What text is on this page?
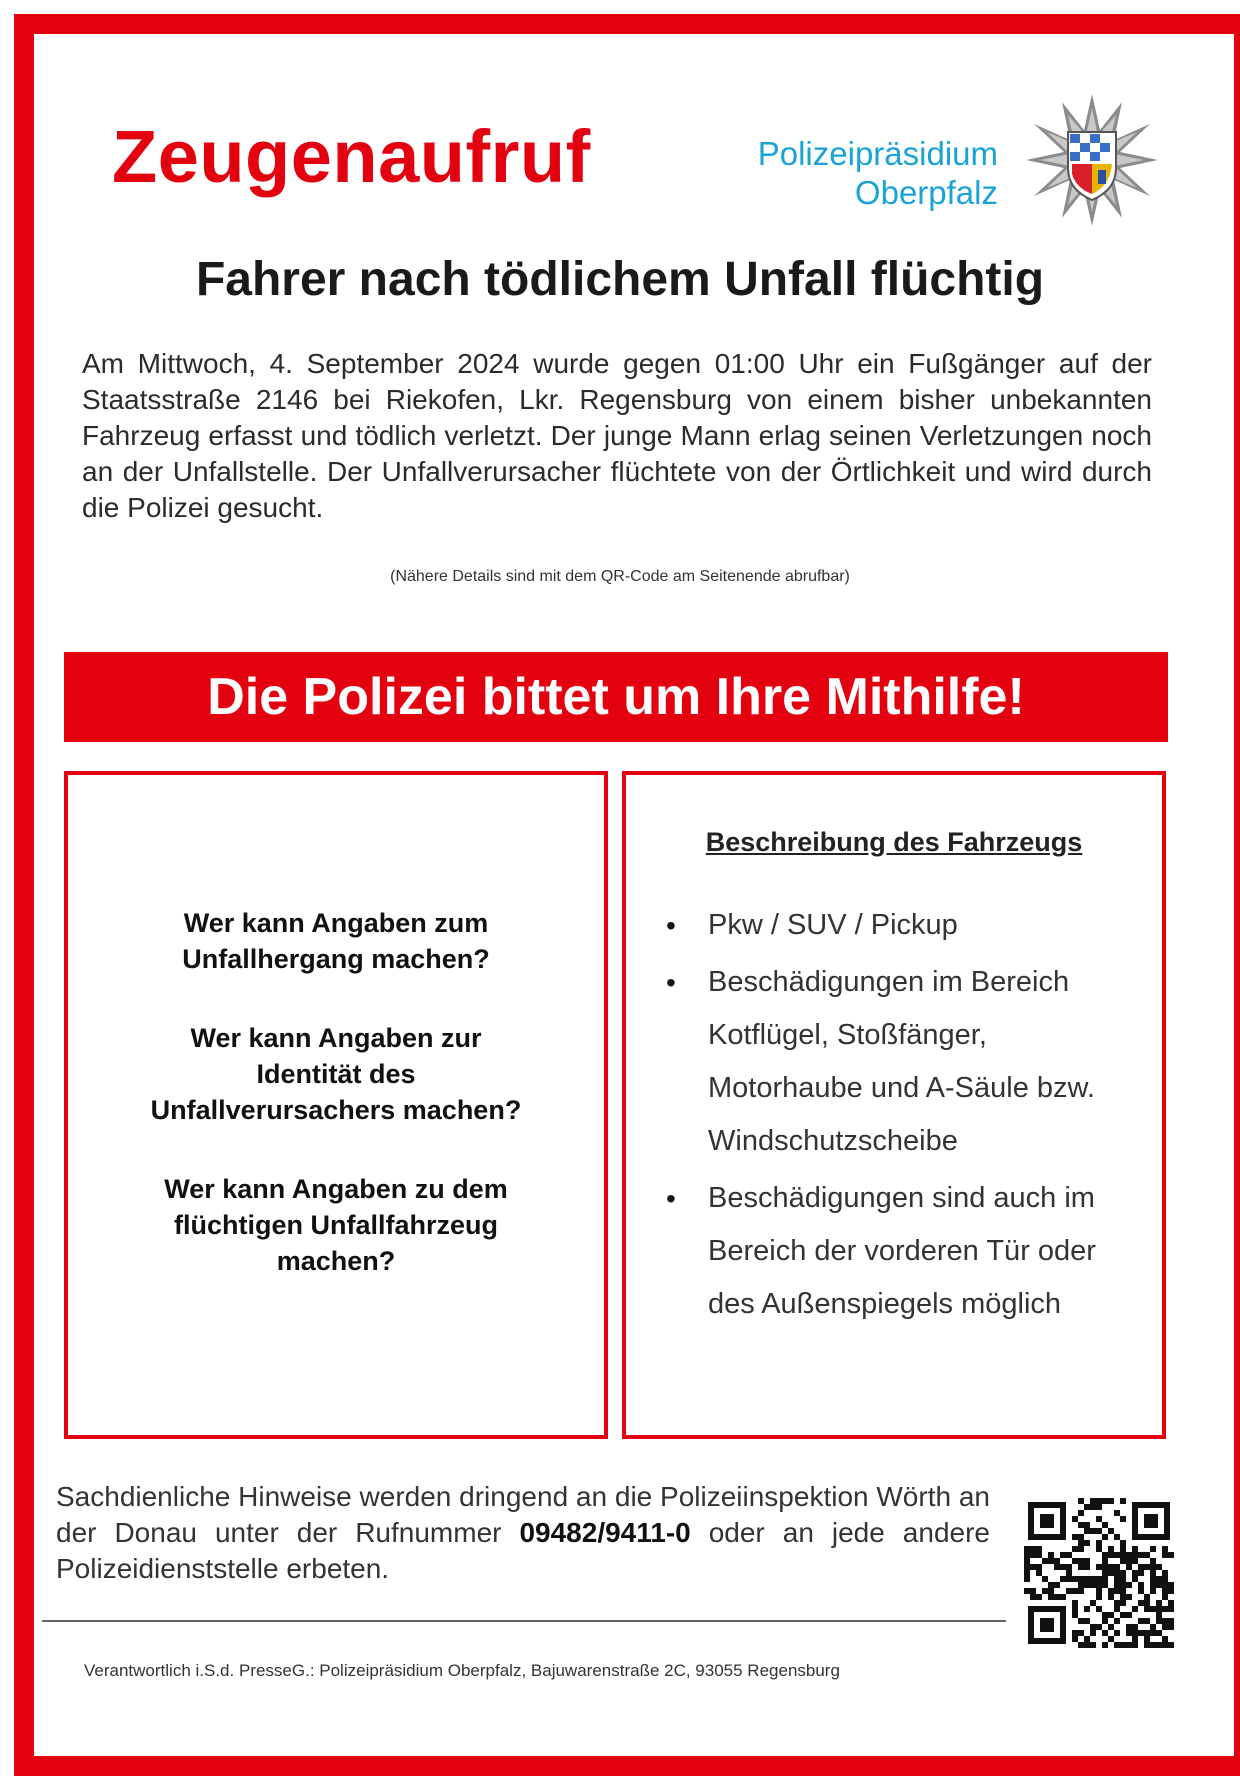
Zeugenaufruf	Polizeipräsidium
Oberpfalz
Fahrer nach tödlichem Unfall flüchtig

Am Mittwoch, 4. September 2024 wurde gegen 01:00 Uhr ein Fußgänger auf der Staatsstraße 2146 bei Riekofen, Lkr. Regensburg von einem bisher unbekannten Fahrzeug erfasst und tödlich verletzt. Der junge Mann erlag seinen Verletzungen noch an der Unfallstelle. Der Unfallverursacher flüchtete von der Örtlichkeit und wird durch die Polizei gesucht.

(Nähere Details sind mit dem QR-Code am Seitenende abrufbar)
Die Polizei bittet um Ihre Mithilfe!

Wer kann Angaben zum
Unfallhergang machen?

Wer kann Angaben zur
Identität des
Unfallverursachers machen?

Wer kann Angaben zu dem
flüchtigen Unfallfahrzeug
machen?

Beschreibung des Fahrzeugs
• Pkw / SUV / Pickup
• Beschädigungen im Bereich Kotflügel, Stoßfänger, Motorhaube und A-Säule bzw. Windschutzscheibe
• Beschädigungen sind auch im Bereich der vorderen Tür oder des Außenspiegels möglich

Sachdienliche Hinweise werden dringend an die Polizeiinspektion Wörth an der Donau unter der Rufnummer 09482/9411-0 oder an jede andere Polizeidienststelle erbeten.

Verantwortlich i.S.d. PresseG.: Polizeipräsidium Oberpfalz, Bajuwarenstraße 2C, 93055 Regensburg
